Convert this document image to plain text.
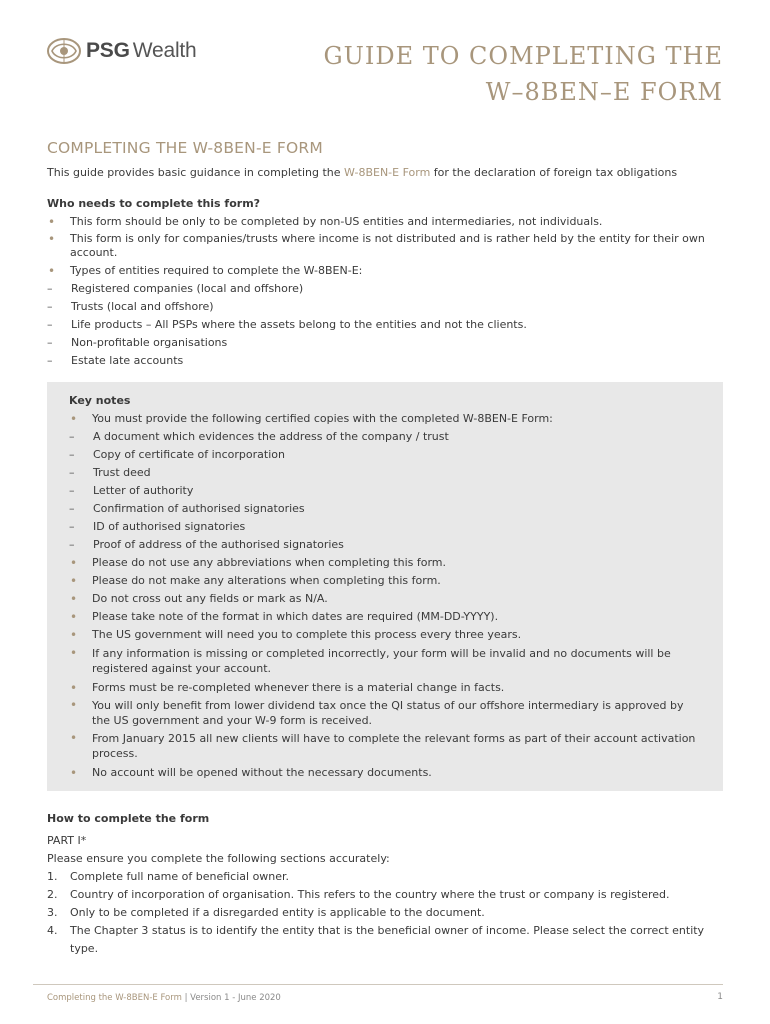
PSG Wealth	GUIDE TO COMPLETING THE
W–8BEN–E FORM
COMPLETING THE W-8BEN-E FORM
This guide provides basic guidance in completing the W-8BEN-E Form for the declaration of foreign tax obligations
Who needs to complete this form?
• This form should be only to be completed by non-US entities and intermediaries, not individuals.
• This form is only for companies/trusts where income is not distributed and is rather held by the entity for their own account.
• Types of entities required to complete the W-8BEN-E:
– Registered companies (local and offshore)
– Trusts (local and offshore)
– Life products – All PSPs where the assets belong to the entities and not the clients.
– Non-profitable organisations
– Estate late accounts
Key notes
• You must provide the following certified copies with the completed W-8BEN-E Form:
– A document which evidences the address of the company / trust
– Copy of certificate of incorporation
– Trust deed
– Letter of authority
– Confirmation of authorised signatories
– ID of authorised signatories
– Proof of address of the authorised signatories
• Please do not use any abbreviations when completing this form.
• Please do not make any alterations when completing this form.
• Do not cross out any fields or mark as N/A.
• Please take note of the format in which dates are required (MM-DD-YYYY).
• The US government will need you to complete this process every three years.
• If any information is missing or completed incorrectly, your form will be invalid and no documents will be registered against your account.
• Forms must be re-completed whenever there is a material change in facts.
• You will only benefit from lower dividend tax once the QI status of our offshore intermediary is approved by the US government and your W-9 form is received.
• From January 2015 all new clients will have to complete the relevant forms as part of their account activation process.
• No account will be opened without the necessary documents.
How to complete the form
PART I*
Please ensure you complete the following sections accurately:
1. Complete full name of beneficial owner.
2. Country of incorporation of organisation. This refers to the country where the trust or company is registered.
3. Only to be completed if a disregarded entity is applicable to the document.
4. The Chapter 3 status is to identify the entity that is the beneficial owner of income. Please select the correct entity type.
Completing the W-8BEN-E Form | Version 1 - June 2020	1
